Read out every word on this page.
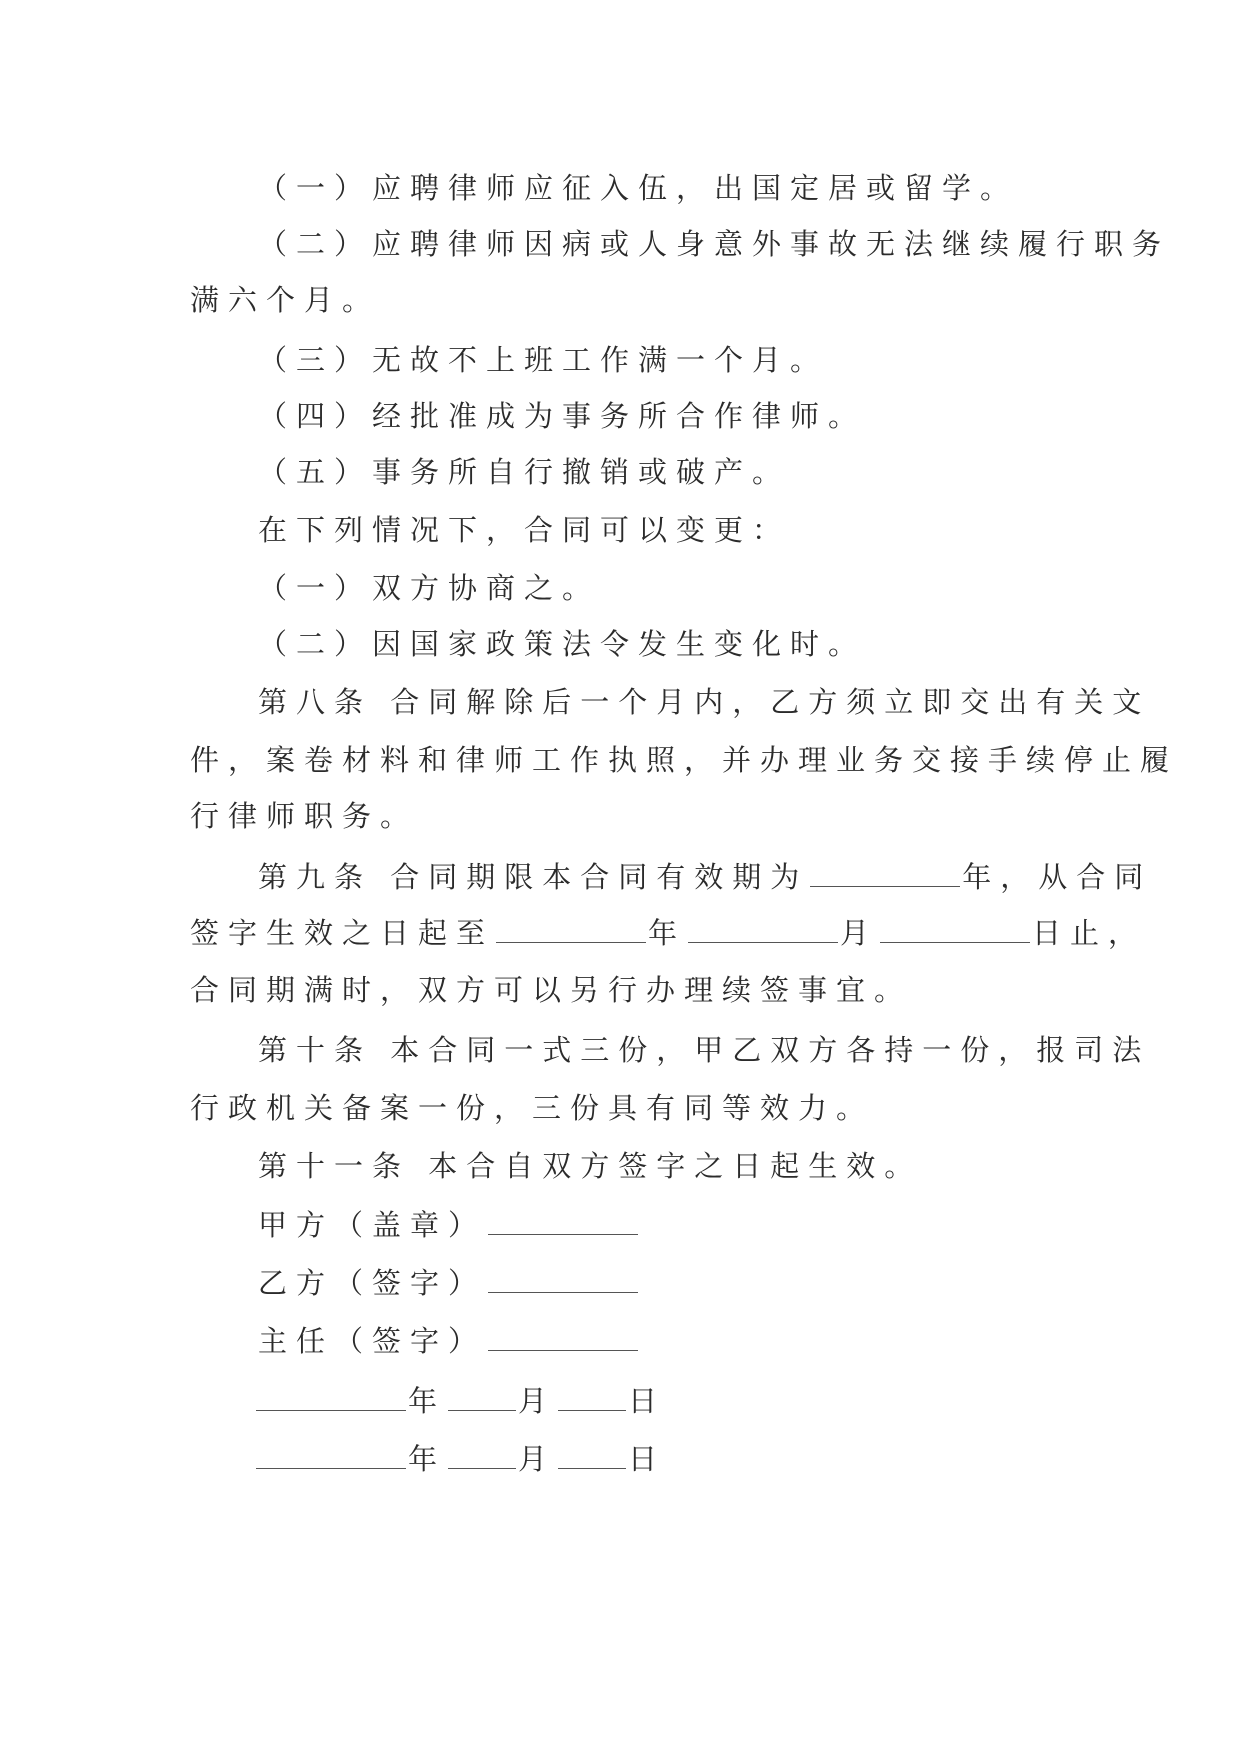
（一）应聘律师应征入伍，出国定居或留学。
（二）应聘律师因病或人身意外事故无法继续履行职务
满六个月。
（三）无故不上班工作满一个月。
（四）经批准成为事务所合作律师。
（五）事务所自行撤销或破产。
在下列情况下，合同可以变更：
（一）双方协商之。
（二）因国家政策法令发生变化时。
第八条 合同解除后一个月内，乙方须立即交出有关文
件，案卷材料和律师工作执照，并办理业务交接手续停止履
行律师职务。
第九条 合同期限本合同有效期为	年，从合同
签字生效之日起至	年	月	日止，
合同期满时，双方可以另行办理续签事宜。
第十条 本合同一式三份，甲乙双方各持一份，报司法
行政机关备案一份，三份具有同等效力。
第十一条 本合自双方签字之日起生效。
甲方（盖章）
乙方（签字）
主任（签字）
年 月 日
年 月 日
